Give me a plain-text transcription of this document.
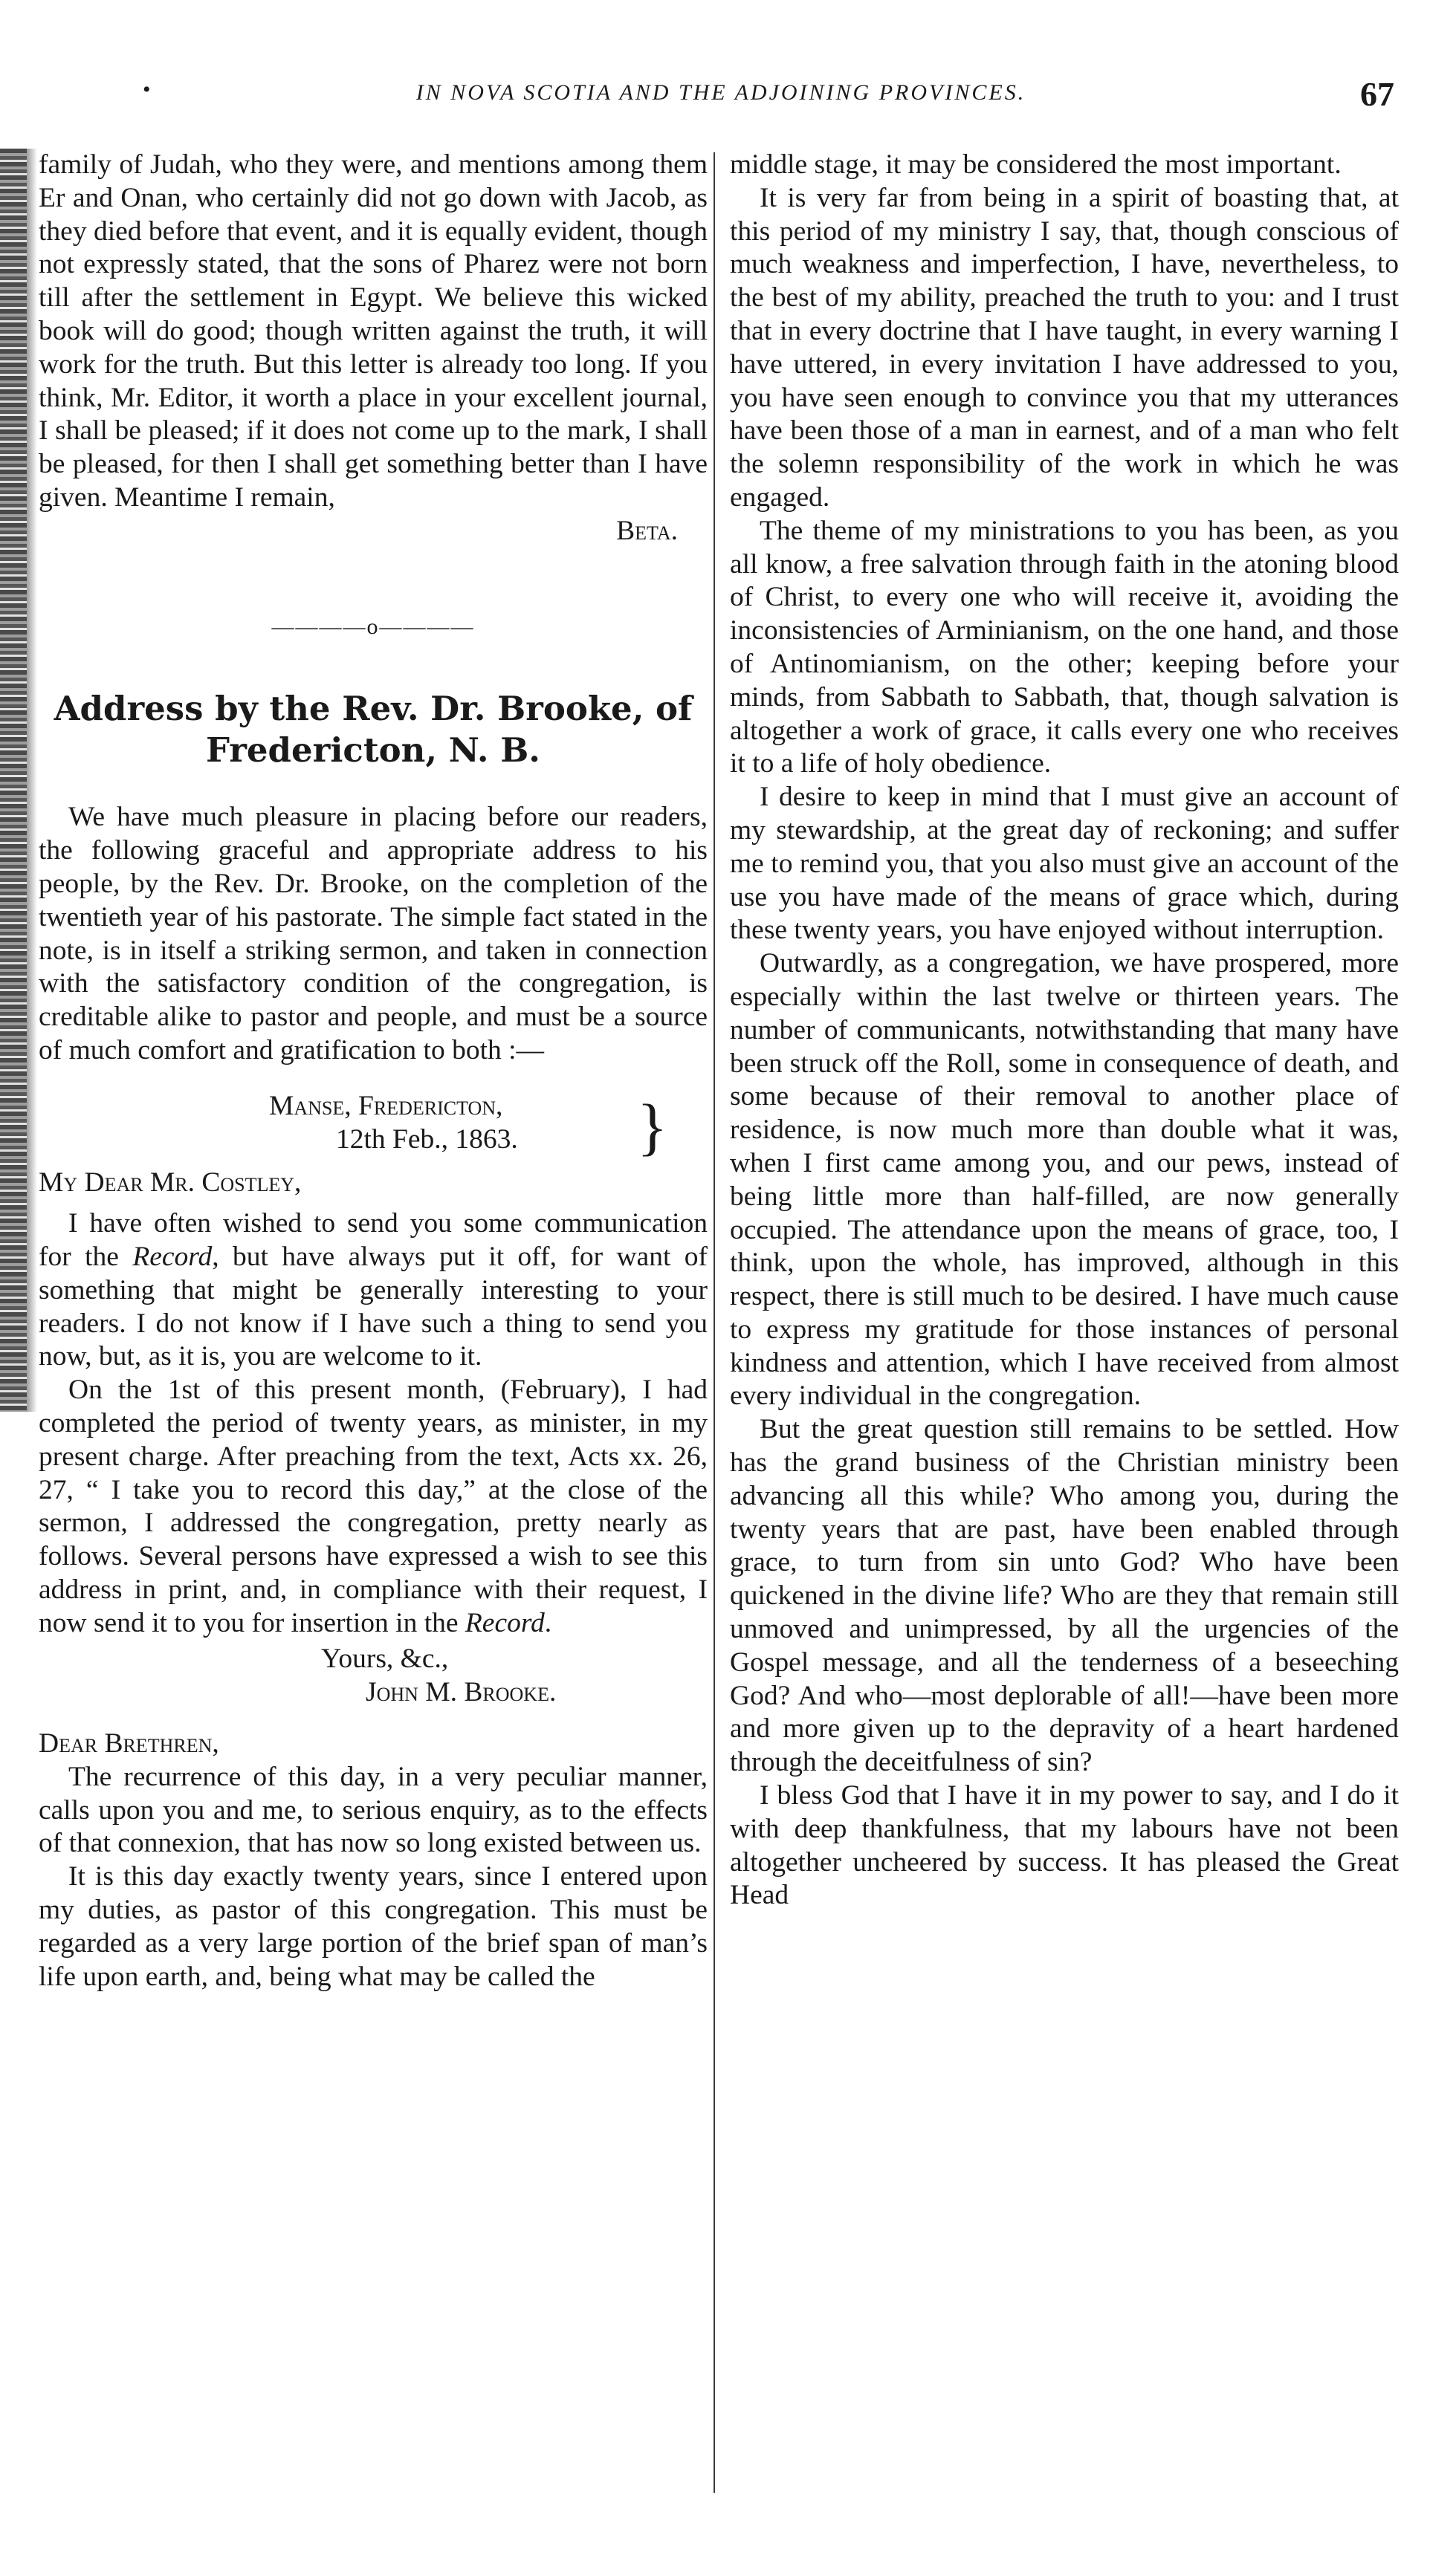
•	IN NOVA SCOTIA AND THE ADJOINING PROVINCES.	67

family of Judah, who they were, and mentions among them Er and Onan, who certainly did not go down with Jacob, as they died before that event, and it is equally evident, though not expressly stated, that the sons of Pharez were not born till after the settlement in Egypt. We believe this wicked book will do good; though written against the truth, it will work for the truth. But this letter is already too long. If you think, Mr. Editor, it worth a place in your excellent journal, I shall be pleased; if it does not come up to the mark, I shall be pleased, for then I shall get something better than I have given. Meantime I remain,

Beta.

————o————
Address by the Rev. Dr. Brooke, of
Fredericton, N. B.

We have much pleasure in placing before our readers, the following graceful and appropriate address to his people, by the Rev. Dr. Brooke, on the completion of the twentieth year of his pastorate. The simple fact stated in the note, is in itself a striking sermon, and taken in connection with the satisfactory condition of the congregation, is creditable alike to pastor and people, and must be a source of much comfort and gratification to both :—

Manse, Fredericton,
12th Feb., 1863.	}

My Dear Mr. Costley,

I have often wished to send you some communication for the Record, but have always put it off, for want of something that might be generally interesting to your readers. I do not know if I have such a thing to send you now, but, as it is, you are welcome to it.

On the 1st of this present month, (February), I had completed the period of twenty years, as minister, in my present charge. After preaching from the text, Acts xx. 26, 27, “ I take you to record this day,” at the close of the sermon, I addressed the congregation, pretty nearly as follows. Several persons have expressed a wish to see this address in print, and, in compliance with their request, I now send it to you for insertion in the Record.

Yours, &c.,
John M. Brooke.

Dear Brethren,

The recurrence of this day, in a very peculiar manner, calls upon you and me, to serious enquiry, as to the effects of that connexion, that has now so long existed between us.

It is this day exactly twenty years, since I entered upon my duties, as pastor of this congregation. This must be regarded as a very large portion of the brief span of man’s life upon earth, and, being what may be called the

middle stage, it may be considered the most important.

It is very far from being in a spirit of boasting that, at this period of my ministry I say, that, though conscious of much weakness and imperfection, I have, nevertheless, to the best of my ability, preached the truth to you: and I trust that in every doctrine that I have taught, in every warning I have uttered, in every invitation I have addressed to you, you have seen enough to convince you that my utterances have been those of a man in earnest, and of a man who felt the solemn responsibility of the work in which he was engaged.

The theme of my ministrations to you has been, as you all know, a free salvation through faith in the atoning blood of Christ, to every one who will receive it, avoiding the inconsistencies of Arminianism, on the one hand, and those of Antinomianism, on the other; keeping before your minds, from Sabbath to Sabbath, that, though salvation is altogether a work of grace, it calls every one who receives it to a life of holy obedience.

I desire to keep in mind that I must give an account of my stewardship, at the great day of reckoning; and suffer me to remind you, that you also must give an account of the use you have made of the means of grace which, during these twenty years, you have enjoyed without interruption.

Outwardly, as a congregation, we have prospered, more especially within the last twelve or thirteen years. The number of communicants, notwithstanding that many have been struck off the Roll, some in consequence of death, and some because of their removal to another place of residence, is now much more than double what it was, when I first came among you, and our pews, instead of being little more than half-filled, are now generally occupied. The attendance upon the means of grace, too, I think, upon the whole, has improved, although in this respect, there is still much to be desired. I have much cause to express my gratitude for those instances of personal kindness and attention, which I have received from almost every individual in the congregation.

But the great question still remains to be settled. How has the grand business of the Christian ministry been advancing all this while? Who among you, during the twenty years that are past, have been enabled through grace, to turn from sin unto God? Who have been quickened in the divine life? Who are they that remain still unmoved and unimpressed, by all the urgencies of the Gospel message, and all the tenderness of a beseeching God? And who—most deplorable of all!—have been more and more given up to the depravity of a heart hardened through the deceitfulness of sin?

I bless God that I have it in my power to say, and I do it with deep thankfulness, that my labours have not been altogether uncheered by success. It has pleased the Great Head
